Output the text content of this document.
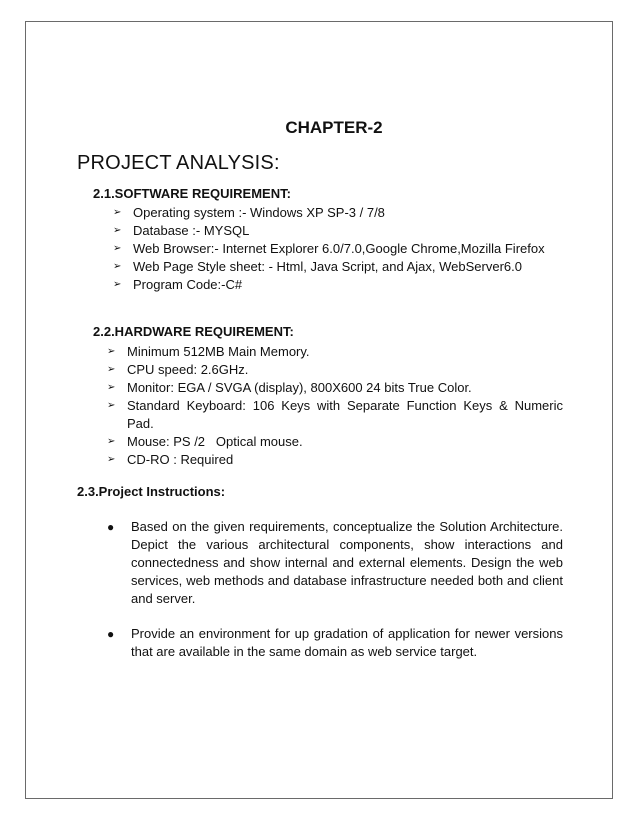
CHAPTER-2
PROJECT ANALYSIS:
2.1.SOFTWARE REQUIREMENT:
➢ Operating system :- Windows XP SP-3 / 7/8
➢ Database :- MYSQL
➢ Web Browser:- Internet Explorer 6.0/7.0,Google Chrome,Mozilla Firefox
➢ Web Page Style sheet: - Html, Java Script, and Ajax, WebServer6.0
➢ Program Code:-C#
2.2.HARDWARE REQUIREMENT:
➢ Minimum 512MB Main Memory.
➢ CPU speed: 2.6GHz.
➢ Monitor: EGA / SVGA (display), 800X600 24 bits True Color.
➢ Standard Keyboard: 106 Keys with Separate Function Keys & Numeric Pad.
➢ Mouse: PS /2   Optical mouse.
➢ CD-RO : Required
2.3.Project Instructions:
● Based on the given requirements, conceptualize the Solution Architecture. Depict the various architectural components, show interactions and connectedness and show internal and external elements. Design the web services, web methods and database infrastructure needed both and client and server.
● Provide an environment for up gradation of application for newer versions that are available in the same domain as web service target.
